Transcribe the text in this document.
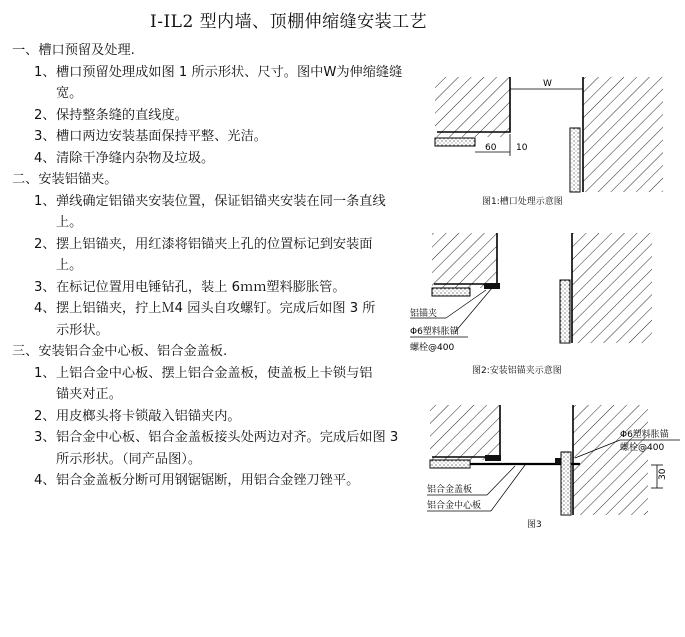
I-IL2 型内墙、顶棚伸缩缝安装工艺
一、槽口预留及处理.
1、 槽口预留处理成如图 1 所示形状、尺寸。图中W为伸缩缝缝宽。
2、 保持整条缝的直线度。
3、 槽口两边安装基面保持平整、光洁。
4、 清除干净缝内杂物及垃圾。
二、安装铝锚夹。
1、 弹线确定铝锚夹安装位置，保证铝锚夹安装在同一条直线上。
2、 摆上铝锚夹，用红漆将铝锚夹上孔的位置标记到安装面上。
3、 在标记位置用电锤钻孔，装上 6ｍｍ塑料膨胀管。
4、 摆上铝锚夹，拧上Ｍ4 园头自攻螺钉。完成后如图 3 所示形状。
三、安装铝合金中心板、铝合金盖板.
1、 上铝合金中心板、摆上铝合金盖板，使盖板上卡锁与铝锚夹对正。
2、 用皮榔头将卡锁敲入铝锚夹内。
3、 铝合金中心板、铝合金盖板接头处两边对齐。完成后如图 3 所示形状。（同产品图）。
4、 铝合金盖板分断可用钢锯锯断，用铝合金锉刀锉平。
W
60 10
图1:槽口处理示意图
铝锚夹
Φ6塑料胀锚
螺栓@400
图2:安装铝锚夹示意图
Φ6塑料胀锚
螺栓@400
铝合金盖板
铝合金中心板
30
图3
